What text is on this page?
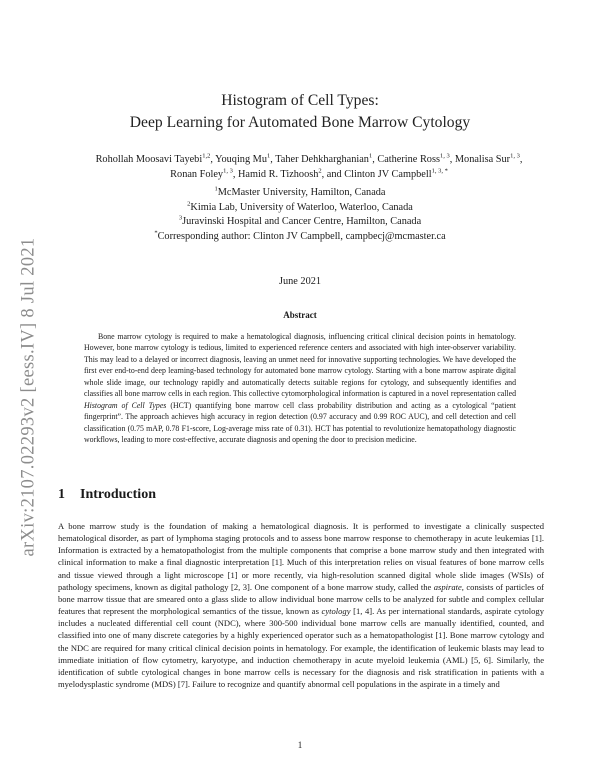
arXiv:2107.02293v2 [eess.IV] 8 Jul 2021
Histogram of Cell Types:
Deep Learning for Automated Bone Marrow Cytology
Rohollah Moosavi Tayebi$^{1,2}$, Youqing Mu$^1$, Taher Dehkharghanian$^1$, Catherine Ross$^{1, 3}$, Monalisa Sur$^{1, 3}$, Ronan Foley$^{1, 3}$, Hamid R. Tizhoosh$^2$, and Clinton JV Campbell$^{1, 3, *}$
$^1$McMaster University, Hamilton, Canada
$^2$Kimia Lab, University of Waterloo, Waterloo, Canada
$^3$Juravinski Hospital and Cancer Centre, Hamilton, Canada
*Corresponding author: Clinton JV Campbell, campbecj@mcmaster.ca
June 2021
Abstract
Bone marrow cytology is required to make a hematological diagnosis, influencing critical clinical decision points in hematology. However, bone marrow cytology is tedious, limited to experienced reference centers and associated with high inter-observer variability. This may lead to a delayed or incorrect diagnosis, leaving an unmet need for innovative supporting technologies. We have developed the first ever end-to-end deep learning-based technology for automated bone marrow cytology. Starting with a bone marrow aspirate digital whole slide image, our technology rapidly and automatically detects suitable regions for cytology, and subsequently identifies and classifies all bone marrow cells in each region. This collective cytomorphological information is captured in a novel representation called Histogram of Cell Types (HCT) quantifying bone marrow cell class probability distribution and acting as a cytological “patient fingerprint”. The approach achieves high accuracy in region detection (0.97 accuracy and 0.99 ROC AUC), and cell detection and cell classification (0.75 mAP, 0.78 F1-score, Log-average miss rate of 0.31). HCT has potential to revolutionize hematopathology diagnostic workflows, leading to more cost-effective, accurate diagnosis and opening the door to precision medicine.
1 Introduction
A bone marrow study is the foundation of making a hematological diagnosis. It is performed to investigate a clinically suspected hematological disorder, as part of lymphoma staging protocols and to assess bone marrow response to chemotherapy in acute leukemias [1]. Information is extracted by a hematopathologist from the multiple components that comprise a bone marrow study and then integrated with clinical information to make a final diagnostic interpretation [1]. Much of this interpretation relies on visual features of bone marrow cells and tissue viewed through a light microscope [1] or more recently, via high-resolution scanned digital whole slide images (WSIs) of pathology specimens, known as digital pathology [2, 3]. One component of a bone marrow study, called the aspirate, consists of particles of bone marrow tissue that are smeared onto a glass slide to allow individual bone marrow cells to be analyzed for subtle and complex cellular features that represent the morphological semantics of the tissue, known as cytology [1, 4]. As per international standards, aspirate cytology includes a nucleated differential cell count (NDC), where 300-500 individual bone marrow cells are manually identified, counted, and classified into one of many discrete categories by a highly experienced operator such as a hematopathologist [1]. Bone marrow cytology and the NDC are required for many critical clinical decision points in hematology. For example, the identification of leukemic blasts may lead to immediate initiation of flow cytometry, karyotype, and induction chemotherapy in acute myeloid leukemia (AML) [5, 6]. Similarly, the identification of subtle cytological changes in bone marrow cells is necessary for the diagnosis and risk stratification in patients with a myelodysplastic syndrome (MDS) [7]. Failure to recognize and quantify abnormal cell populations in the aspirate in a timely and
1
